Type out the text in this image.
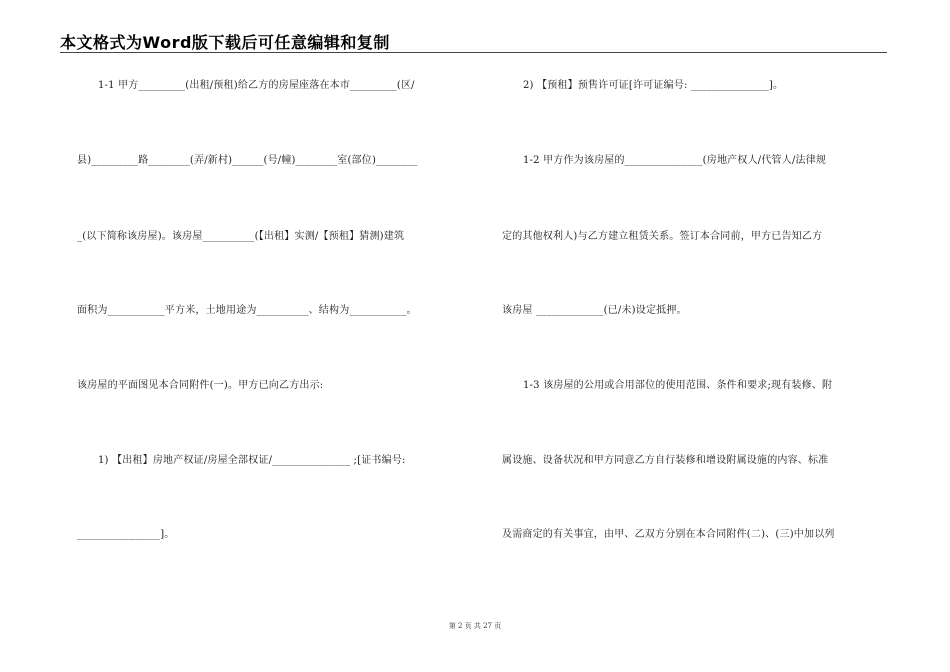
本文格式为Word版下载后可任意编辑和复制
1-1 甲方_________(出租/预租)给乙方的房屋座落在本市_________(区/
县)_________路________(弄/新村)______(号/幢)________室(部位)________
_(以下简称该房屋)。该房屋__________(【出租】实测/【预租】猜测)建筑
面积为___________平方米，土地用途为__________、结构为___________。
该房屋的平面图见本合同附件(一)。甲方已向乙方出示:
1) 【出租】房地产权证/房屋全部权证/_______________ ;[证书编号:
________________]。
2) 【预租】预售许可证[许可证编号: _______________]。
1-2 甲方作为该房屋的_______________(房地产权人/代管人/法律规
定的其他权利人)与乙方建立租赁关系。签订本合同前，甲方已告知乙方
该房屋 _____________(已/未)设定抵押。
1-3 该房屋的公用或合用部位的使用范围、条件和要求;现有装修、附
属设施、设备状况和甲方同意乙方自行装修和增设附属设施的内容、标准
及需商定的有关事宜，由甲、乙双方分别在本合同附件(二)、(三)中加以列
第 2 页 共 27 页
